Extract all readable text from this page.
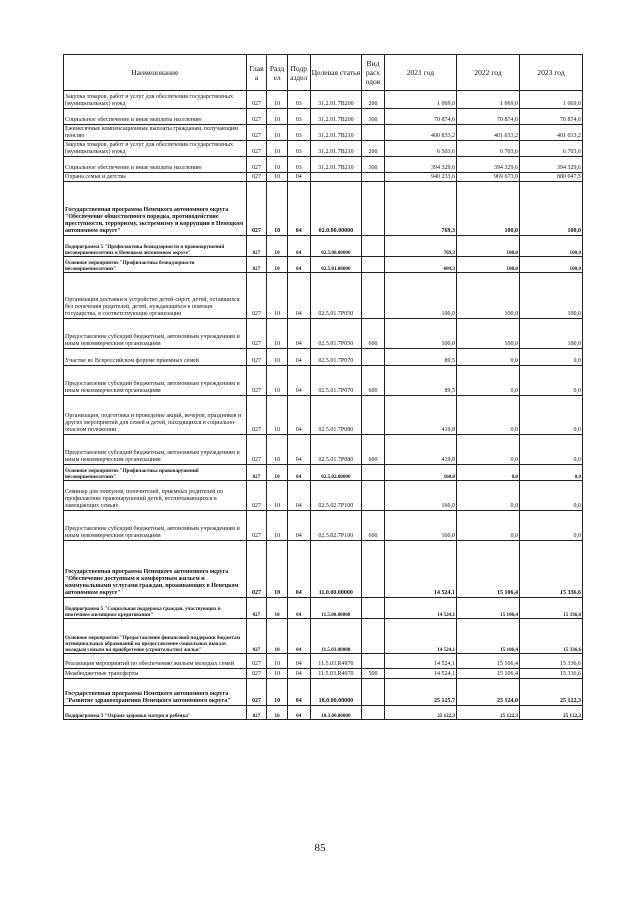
Наименование	Глав а	Разд ел	Подр аздел	Целевая статья	Вид расх одов	2021 год	2022 год	2023 год
Закупка товаров, работ и услуг для обеспечения государственных (муниципальных) нужд	027	10	03	31.2.01.7В200	200	1 069,0	1 069,0	1 069,0
Социальное обеспечение и иные выплаты населению	027	10	03	31.2.01.7В200	300	70 874,6	70 874,6	70 874,6
Ежемесячные компенсационные выплаты гражданам, получающим пенсию	027	10	03	31.2.01.7В210		400 833,2	401 033,2	401 033,2
Закупка товаров, работ и услуг для обеспечения государственных (муниципальных) нужд	027	10	03	31.2.01.7В210	200	6 503,6	6 703,6	6 703,6
Социальное обеспечение и иные выплаты населению	027	10	03	31.2.01.7В210	300	394 329,6	394 329,6	394 329,6
Охрана семьи и детства	027	10	04			940 233,6	969 673,0	880 047,5
Государственная программа Ненецкого автономного округа "Обеспечение общественного порядка, противодействие преступности, терроризму, экстремизму и коррупции в Ненецком автономном округе"	027	10	04	02.0.00.00000		769,3	100,0	100,0
Подпрограмма 5 "Профилактика безнадзорности и правонарушений несовершеннолетних в Ненецком автономном округе"	027	10	04	02.5.00.00000		769,3	100,0	100,0
Основное мероприятие "Профилактика безнадзорности несовершеннолетних"	027	10	04	02.5.01.00000		609,3	100,0	100,0
Организация доставки и устройство детей-сирот, детей, оставшихся без попечения родителей, детей, нуждающихся в помощи государства, в соответствующие организации	027	10	04	02.5.01.7Р050		100,0	100,0	100,0
Предоставление субсидий бюджетным, автономным учреждениям и иным некоммерческим организациям	027	10	04	02.5.01.7Р050	600	100,0	100,0	100,0
Участие во Всероссийском форуме приемных семей	027	10	04	02.5.01.7Р070		89,5	0,0	0,0
Предоставление субсидий бюджетным, автономным учреждениям и иным некоммерческим организациям	027	10	04	02.5.01.7Р070	600	89,5	0,0	0,0
Организация, подготовка и проведение акций, вечеров, праздников и других мероприятий для семей и детей, находящихся в социально-опасном положении	027	10	04	02.5.01.7Р080		419,8	0,0	0,0
Предоставление субсидий бюджетным, автономным учреждениям и иным некоммерческим организациям	027	10	04	02.5.01.7Р080	600	419,8	0,0	0,0
Основное мероприятие "Профилактика правонарушений несовершеннолетних"	027	10	04	02.5.02.00000		160,0	0,0	0,0
Семинар для опекунов, попечителей, приемных родителей по профилактике правонарушений детей, воспитывающихся в замещающих семьях	027	10	04	02.5.02.7Р100		160,0	0,0	0,0
Предоставление субсидий бюджетным, автономным учреждениям и иным некоммерческим организациям	027	10	04	02.5.02.7Р100	600	160,0	0,0	0,0
Государственная программа Ненецкого автономного округа "Обеспечение доступным и комфортным жильем и коммунальными услугами граждан, проживающих в Ненецком автономном округе"	027	10	04	11.0.00.00000		14 524,1	15 106,4	15 336,6
Подпрограмма 5 "Социальная поддержка граждан, участвующих в ипотечном жилищном кредитовании"	027	10	04	11.5.00.00000		14 524,1	15 106,4	15 336,6
Основное мероприятие "Предоставление финансовой поддержки бюджетам муниципальных образований на предоставление социальных выплат молодым семьям на приобретение (строительство) жилья"	027	10	04	11.5.03.00000		14 524,1	15 106,4	15 336,6
Реализация мероприятий по обеспечению жильем молодых семей	027	10	04	11.5.03.R4970		14 524,1	15 106,4	15 336,6
Межбюджетные трансферты	027	10	04	11.5.03.R4970	500	14 524,1	15 106,4	15 336,6
Государственная программа Ненецкого автономного округа "Развитие здравоохранения Ненецкого автономного округа"	027	10	04	18.0.00.00000		25 125,7	25 124,0	25 122,3
Подпрограмма 3 "Охрана здоровья матери и ребёнка"	027	10	04	18.3.00.00000		25 122,3	25 122,3	25 122,3
85
